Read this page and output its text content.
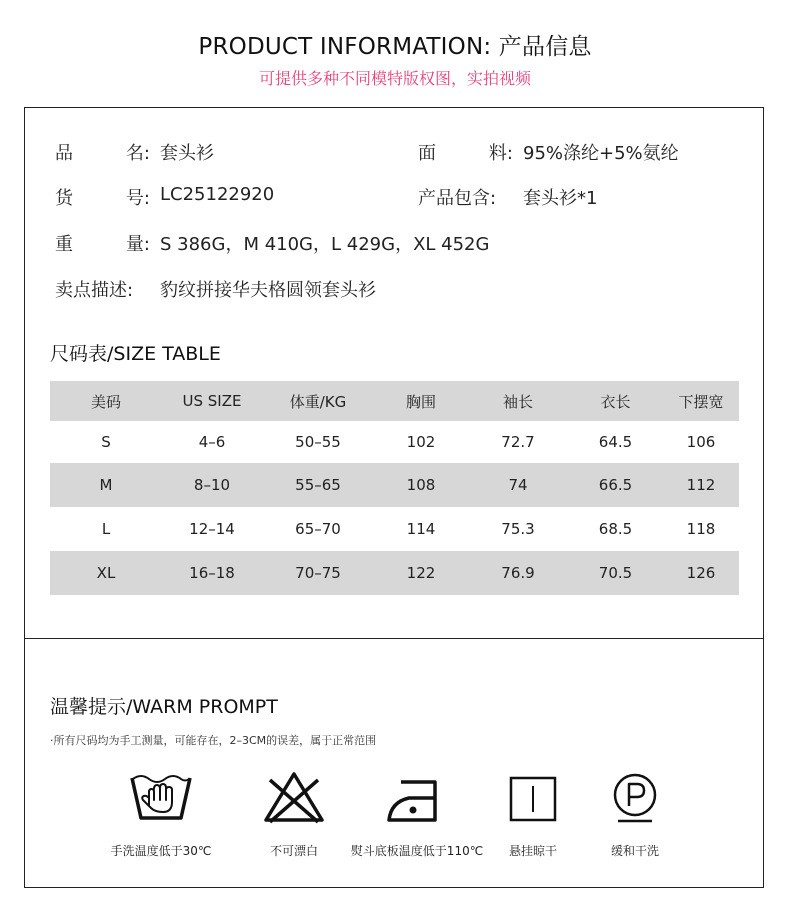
PRODUCT INFORMATION: 产品信息
可提供多种不同模特版权图，实拍视频
品	名: 套头衫	面	料: 95%涤纶+5%氨纶
货	号: LC25122920	产品包含:	套头衫*1
重	量: S 386G，M 410G，L 429G，XL 452G
卖点描述:	豹纹拼接华夫格圆领套头衫
尺码表/SIZE TABLE
美码	US SIZE	体重/KG	胸围	袖长	衣长	下摆宽
S	4–6	50–55	102	72.7	64.5	106
M	8–10	55–65	108	74	66.5	112
L	12–14	65–70	114	75.3	68.5	118
XL	16–18	70–75	122	76.9	70.5	126
温馨提示/WARM PROMPT
·所有尺码均为手工测量，可能存在，2–3CM的误差，属于正常范围
手洗温度低于30℃	不可漂白	熨斗底板温度低于110℃ 悬挂晾干	缓和干洗
